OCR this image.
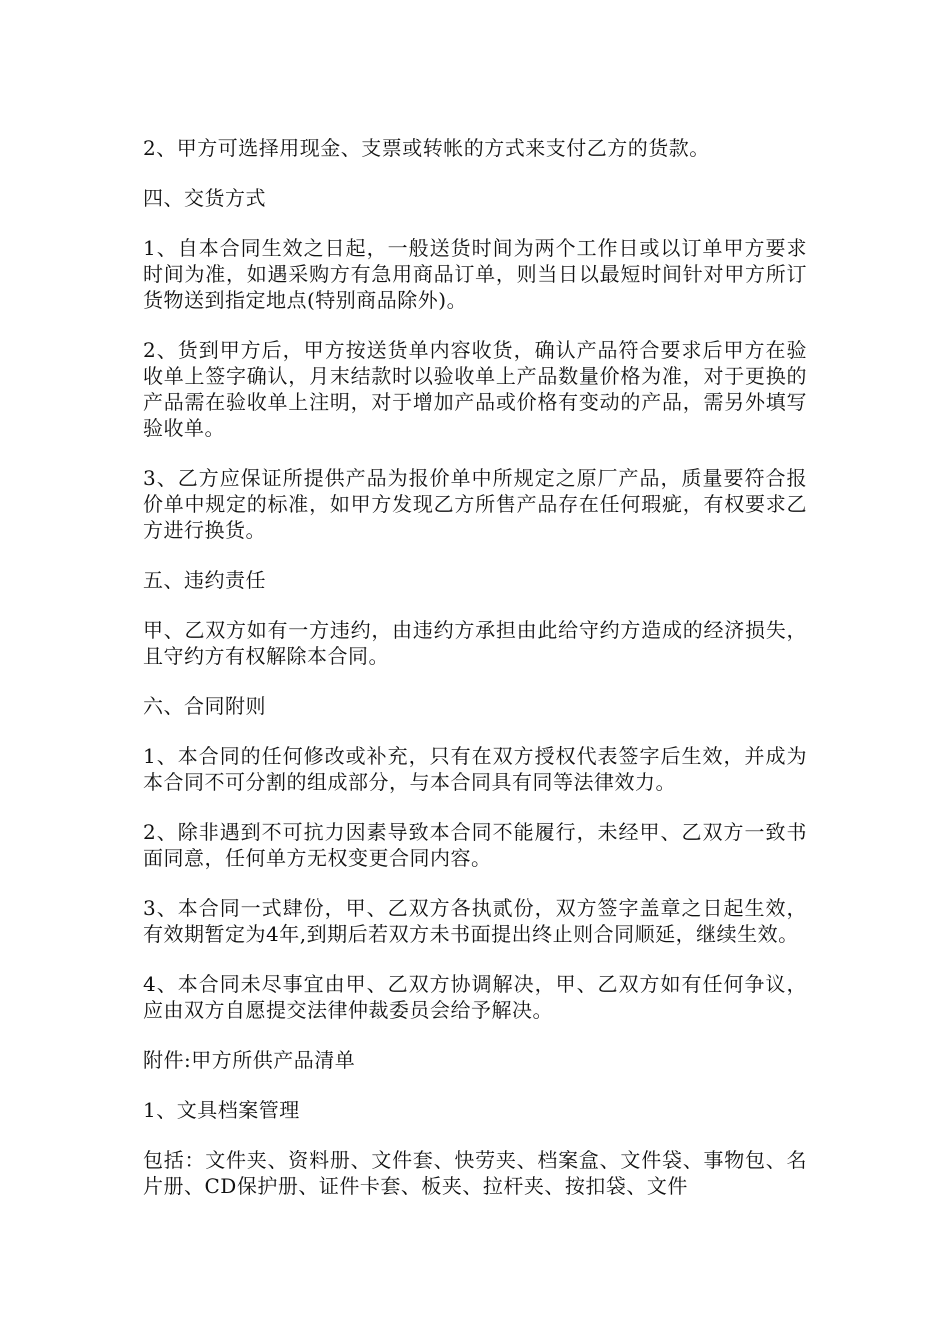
2、甲方可选择用现金、支票或转帐的方式来支付乙方的货款。

四、交货方式

1、自本合同生效之日起，一般送货时间为两个工作日或以订单甲方要求时间为准，如遇采购方有急用商品订单，则当日以最短时间针对甲方所订货物送到指定地点(特别商品除外)。

2、货到甲方后，甲方按送货单内容收货，确认产品符合要求后甲方在验收单上签字确认，月末结款时以验收单上产品数量价格为准，对于更换的产品需在验收单上注明，对于增加产品或价格有变动的产品，需另外填写验收单。

3、乙方应保证所提供产品为报价单中所规定之原厂产品，质量要符合报价单中规定的标准，如甲方发现乙方所售产品存在任何瑕疵，有权要求乙方进行换货。

五、违约责任

甲、乙双方如有一方违约，由违约方承担由此给守约方造成的经济损失，且守约方有权解除本合同。

六、合同附则

1、本合同的任何修改或补充，只有在双方授权代表签字后生效，并成为本合同不可分割的组成部分，与本合同具有同等法律效力。

2、除非遇到不可抗力因素导致本合同不能履行，未经甲、乙双方一致书面同意，任何单方无权变更合同内容。

3、本合同一式肆份，甲、乙双方各执贰份，双方签字盖章之日起生效，有效期暂定为4年,到期后若双方未书面提出终止则合同顺延，继续生效。

4、本合同未尽事宜由甲、乙双方协调解决，甲、乙双方如有任何争议，应由双方自愿提交法律仲裁委员会给予解决。

附件:甲方所供产品清单

1、文具档案管理

包括：文件夹、资料册、文件套、快劳夹、档案盒、文件袋、事物包、名片册、CD保护册、证件卡套、板夹、拉杆夹、按扣袋、文件
